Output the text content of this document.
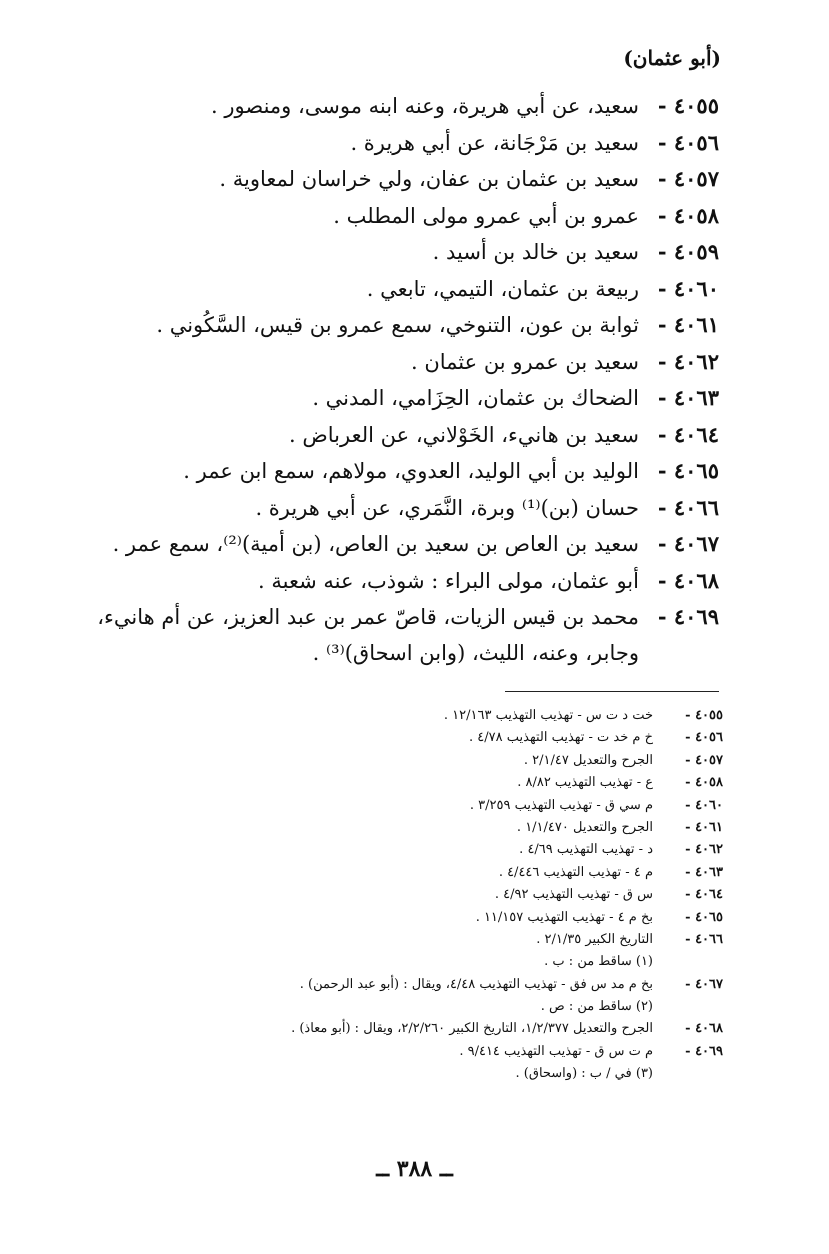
(أبو عثمان)
٤٠٥٥ -
سعيد، عن أبي هريرة، وعنه ابنه موسى، ومنصور .
٤٠٥٦ -
سعيد بن مَرْجَانة، عن أبي هريرة .
٤٠٥٧ -
سعيد بن عثمان بن عفان، ولي خراسان لمعاوية .
٤٠٥٨ -
عمرو بن أبي عمرو مولى المطلب .
٤٠٥٩ -
سعيد بن خالد بن أسيد .
٤٠٦٠ -
ربيعة بن عثمان، التيمي، تابعي .
٤٠٦١ -
ثوابة بن عون، التنوخي، سمع عمرو بن قيس، السَّكُوني .
٤٠٦٢ -
سعيد بن عمرو بن عثمان .
٤٠٦٣ -
الضحاك بن عثمان، الحِزَامي، المدني .
٤٠٦٤ -
سعيد بن هانيء، الخَوْلاني، عن العرباض .
٤٠٦٥ -
الوليد بن أبي الوليد، العدوي، مولاهم، سمع ابن عمر .
٤٠٦٦ -
حسان (بن)⁽¹⁾ وبرة، النَّمَري، عن أبي هريرة .
٤٠٦٧ -
سعيد بن العاص بن سعيد بن العاص، (بن أمية)⁽²⁾، سمع عمر .
٤٠٦٨ -
أبو عثمان، مولى البراء : شوذب، عنه شعبة .
٤٠٦٩ -
محمد بن قيس الزيات، قاصّ عمر بن عبد العزيز، عن أم هانيء، وجابر، وعنه، الليث، (وابن اسحاق)⁽³⁾ .
٤٠٥٥ -
خت د ت س - تهذيب التهذيب ١٢/١٦٣ .
٤٠٥٦ -
خ م خد ت - تهذيب التهذيب ٤/٧٨ .
٤٠٥٧ -
الجرح والتعديل ٢/١/٤٧ .
٤٠٥٨ -
ع - تهذيب التهذيب ٨/٨٢ .
٤٠٦٠ -
م سي ق - تهذيب التهذيب ٣/٢٥٩ .
٤٠٦١ -
الجرح والتعديل ١/١/٤٧٠ .
٤٠٦٢ -
د - تهذيب التهذيب ٤/٦٩ .
٤٠٦٣ -
م ٤ - تهذيب التهذيب ٤/٤٤٦ .
٤٠٦٤ -
س ق - تهذيب التهذيب ٤/٩٢ .
٤٠٦٥ -
بخ م ٤ - تهذيب التهذيب ١١/١٥٧ .
٤٠٦٦ -
التاريخ الكبير ٢/١/٣٥ .
(١) ساقط من : ب .
٤٠٦٧ -
بخ م مد س فق - تهذيب التهذيب ٤/٤٨، ويقال : (أبو عبد الرحمن) .
(٢) ساقط من : ص .
٤٠٦٨ -
الجرح والتعديل ١/٢/٣٧٧، التاريخ الكبير ٢/٢/٢٦٠، ويقال : (أبو معاذ) .
٤٠٦٩ -
م ت س ق - تهذيب التهذيب ٩/٤١٤ .
(٣) في / ب : (واسحاق) .
ــ ٣٨٨ ــ
